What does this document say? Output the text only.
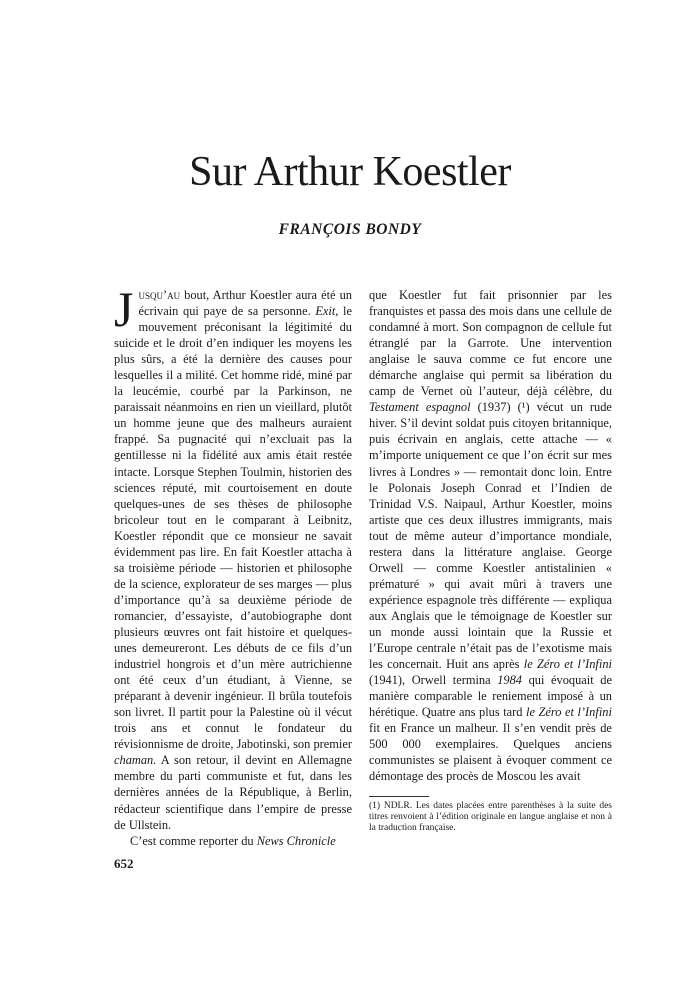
Sur Arthur Koestler
FRANÇOIS BONDY

Jusqu’au bout, Arthur Koestler aura été un écrivain qui paye de sa personne. Exit, le mouvement préconisant la légitimité du suicide et le droit d’en indiquer les moyens les plus sûrs, a été la dernière des causes pour lesquelles il a milité. Cet homme ridé, miné par la leucémie, courbé par la Parkinson, ne paraissait néanmoins en rien un vieillard, plutôt un homme jeune que des malheurs auraient frappé. Sa pugnacité qui n’excluait pas la gentillesse ni la fidélité aux amis était restée intacte. Lorsque Stephen Toulmin, historien des sciences réputé, mit courtoisement en doute quelques-unes de ses thèses de philosophe bricoleur tout en le comparant à Leibnitz, Koestler répondit que ce monsieur ne savait évidemment pas lire. En fait Koestler attacha à sa troisième période — historien et philosophe de la science, explorateur de ses marges — plus d’importance qu’à sa deuxième période de romancier, d’essayiste, d’autobiographe dont plusieurs œuvres ont fait histoire et quelques-unes demeureront. Les débuts de ce fils d’un industriel hongrois et d’un mère autrichienne ont été ceux d’un étudiant, à Vienne, se préparant à devenir ingénieur. Il brûla toutefois son livret. Il partit pour la Palestine où il vécut trois ans et connut le fondateur du révisionnisme de droite, Jabotinski, son premier chaman. A son retour, il devint en Allemagne membre du parti communiste et fut, dans les dernières années de la République, à Berlin, rédacteur scientifique dans l’empire de presse de Ullstein.

C’est comme reporter du News Chronicle

que Koestler fut fait prisonnier par les franquistes et passa des mois dans une cellule de condamné à mort. Son compagnon de cellule fut étranglé par la Garrote. Une intervention anglaise le sauva comme ce fut encore une démarche anglaise qui permit sa libération du camp de Vernet où l’auteur, déjà célèbre, du Testament espagnol (1937) (¹) vécut un rude hiver. S’il devint soldat puis citoyen britannique, puis écrivain en anglais, cette attache — « m’importe uniquement ce que l’on écrit sur mes livres à Londres » — remontait donc loin. Entre le Polonais Joseph Conrad et l’Indien de Trinidad V.S. Naipaul, Arthur Koestler, moins artiste que ces deux illustres immigrants, mais tout de même auteur d’importance mondiale, restera dans la littérature anglaise. George Orwell — comme Koestler antistalinien « prématuré » qui avait mûri à travers une expérience espagnole très différente — expliqua aux Anglais que le témoignage de Koestler sur un monde aussi lointain que la Russie et l’Europe centrale n’était pas de l’exotisme mais les concernait. Huit ans après le Zéro et l’Infini (1941), Orwell termina 1984 qui évoquait de manière comparable le reniement imposé à un hérétique. Quatre ans plus tard le Zéro et l’Infini fit en France un malheur. Il s’en vendit près de 500 000 exemplaires. Quelques anciens communistes se plaisent à évoquer comment ce démontage des procès de Moscou les avait

(1) NDLR. Les dates placées entre parenthèses à la suite des titres renvoient à l’édition originale en langue anglaise et non à la traduction française.

652
